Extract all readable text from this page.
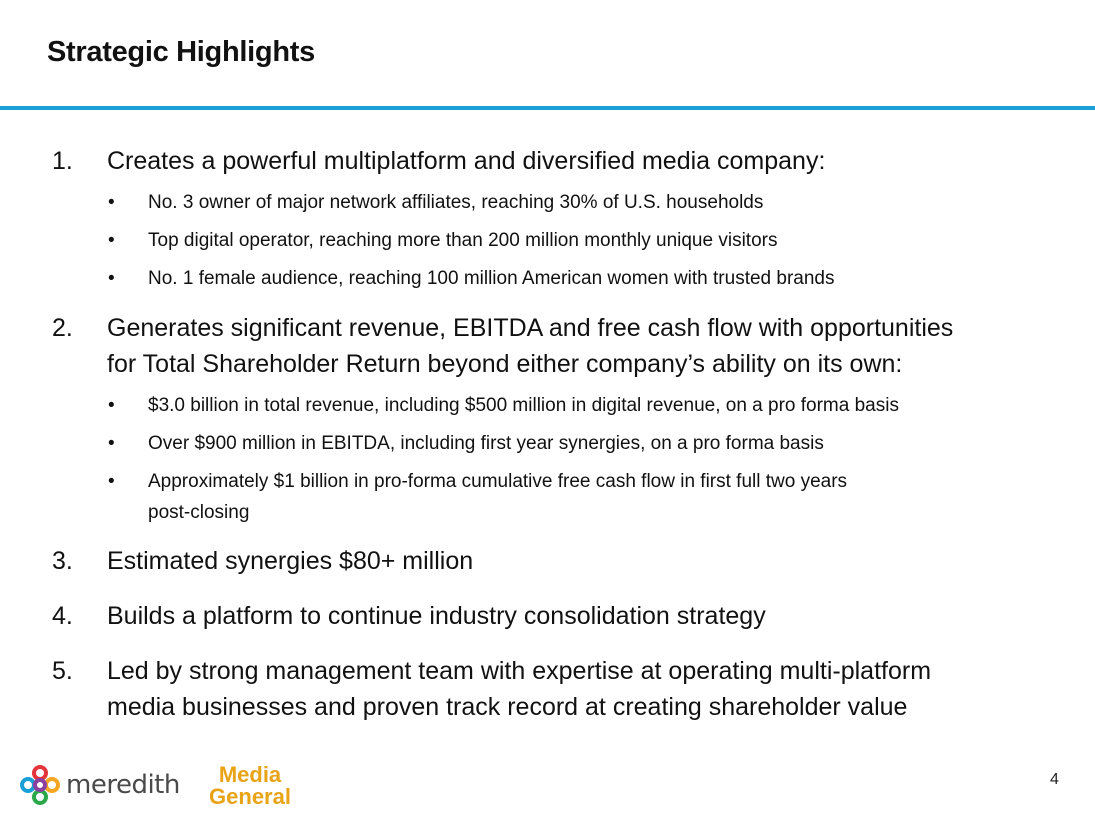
Strategic Highlights
1. Creates a powerful multiplatform and diversified media company:
• No. 3 owner of major network affiliates, reaching 30% of U.S. households
• Top digital operator, reaching more than 200 million monthly unique visitors
• No. 1 female audience, reaching 100 million American women with trusted brands
2. Generates significant revenue, EBITDA and free cash flow with opportunities
for Total Shareholder Return beyond either company’s ability on its own:
• $3.0 billion in total revenue, including $500 million in digital revenue, on a pro forma basis
• Over $900 million in EBITDA, including first year synergies, on a pro forma basis
• Approximately $1 billion in pro-forma cumulative free cash flow in first full two years
post-closing
3. Estimated synergies $80+ million
4. Builds a platform to continue industry consolidation strategy
5. Led by strong management team with expertise at operating multi-platform
media businesses and proven track record at creating shareholder value
meredith Media
General
4
